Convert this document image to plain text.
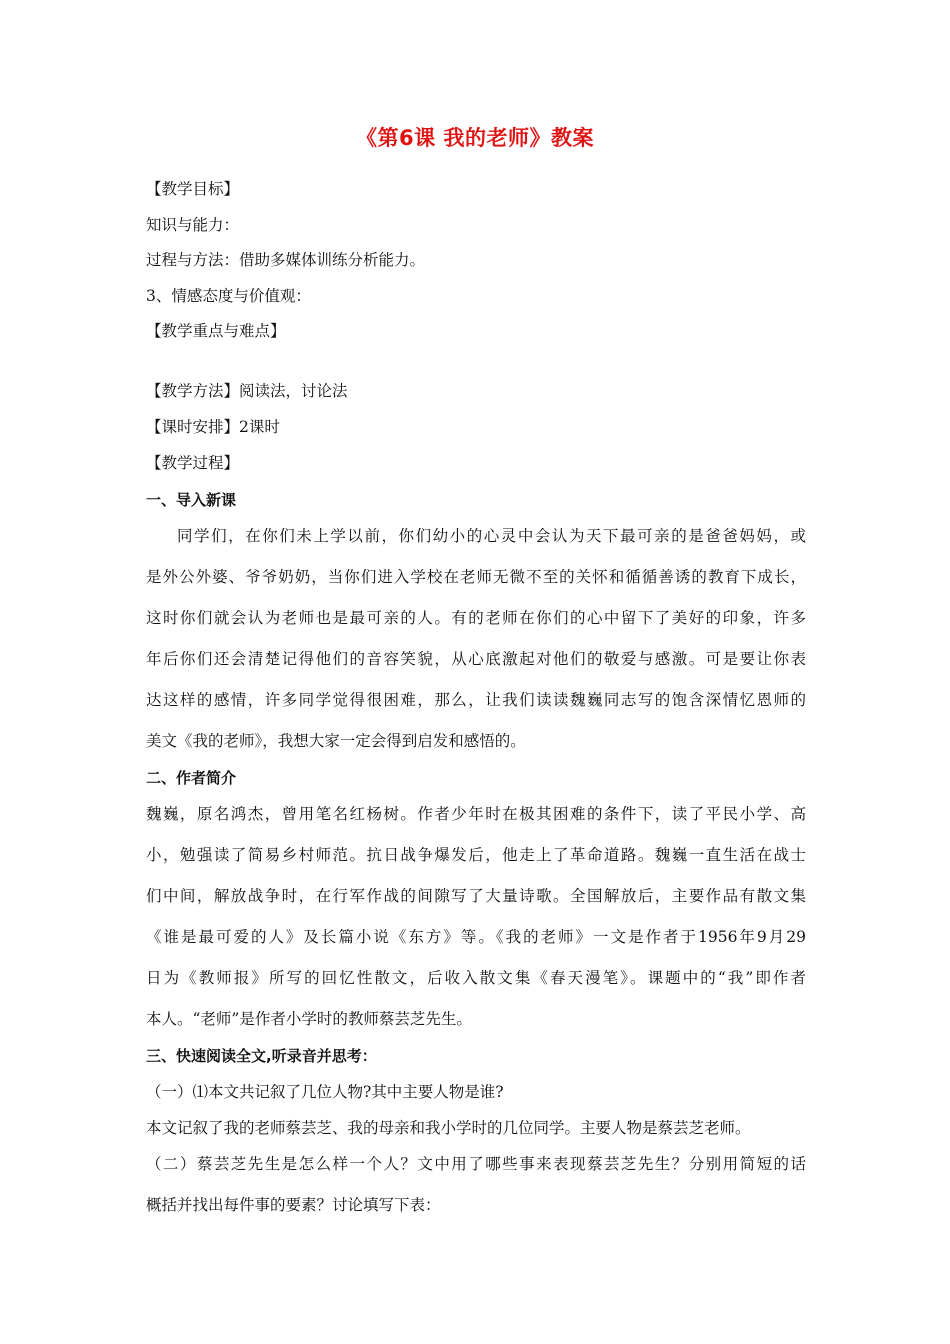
《第6课 我的老师》教案
【教学目标】
知识与能力：
过程与方法：借助多媒体训练分析能力。
3、情感态度与价值观：
【教学重点与难点】
【教学方法】阅读法，讨论法
【课时安排】2课时
【教学过程】
一、导入新课
同学们，在你们未上学以前，你们幼小的心灵中会认为天下最可亲的是爸爸妈妈，或
是外公外婆、爷爷奶奶，当你们进入学校在老师无微不至的关怀和循循善诱的教育下成长，
这时你们就会认为老师也是最可亲的人。有的老师在你们的心中留下了美好的印象，许多
年后你们还会清楚记得他们的音容笑貌，从心底激起对他们的敬爱与感激。可是要让你表
达这样的感情，许多同学觉得很困难，那么，让我们读读魏巍同志写的饱含深情忆恩师的
美文《我的老师》，我想大家一定会得到启发和感悟的。
二、作者简介
魏巍，原名鸿杰，曾用笔名红杨树。作者少年时在极其困难的条件下，读了平民小学、高
小，勉强读了简易乡村师范。抗日战争爆发后，他走上了革命道路。魏巍一直生活在战士
们中间，解放战争时，在行军作战的间隙写了大量诗歌。全国解放后，主要作品有散文集
《谁是最可爱的人》及长篇小说《东方》等。《我的老师》一文是作者于1956年9月29
日为《教师报》所写的回忆性散文，后收入散文集《春天漫笔》。课题中的“我”即作者
本人。“老师”是作者小学时的教师蔡芸芝先生。
三、快速阅读全文,听录音并思考：
（一）⑴本文共记叙了几位人物?其中主要人物是谁?
本文记叙了我的老师蔡芸芝、我的母亲和我小学时的几位同学。主要人物是蔡芸芝老师。
（二）蔡芸芝先生是怎么样一个人？文中用了哪些事来表现蔡芸芝先生？分别用简短的话
概括并找出每件事的要素？讨论填写下表：
